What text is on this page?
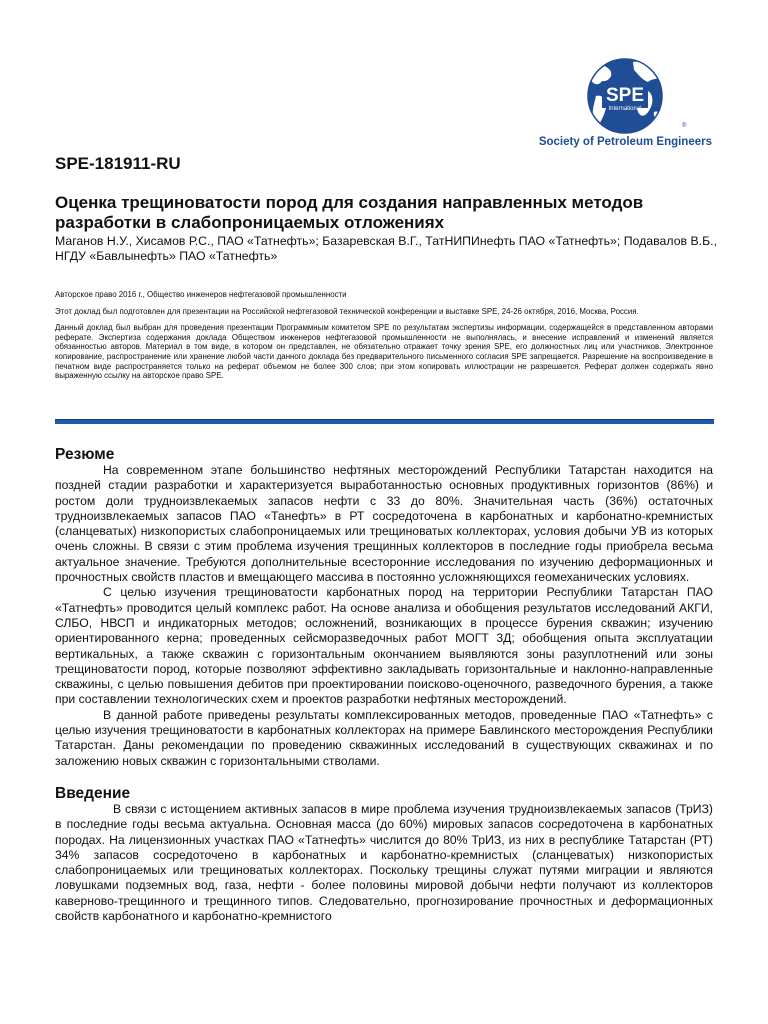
SPE
International
®
Society of Petroleum Engineers
SPE-181911-RU
Оценка трещиноватости пород для создания направленных методов разработки в слабопроницаемых отложениях

Маганов Н.У., Хисамов Р.С., ПАО «Татнефть»; Базаревская В.Г., ТатНИПИнефть ПАО «Татнефть»; Подавалов В.Б., НГДУ «Бавлынефть» ПАО «Татнефть»

Авторское право 2016 г., Общество инженеров нефтегазовой промышленности

Этот доклад был подготовлен для презентации на Российской нефтегазовой технической конференции и выставке SPE, 24-26 октября, 2016, Москва, Россия.

Данный доклад был выбран для проведения презентации Программным комитетом SPE по результатам экспертизы информации, содержащейся в представленном авторами реферате. Экспертиза содержания доклада Обществом инженеров нефтегазовой промышленности не выполнялась, и внесение исправлений и изменений является обязанностью авторов. Материал в том виде, в котором он представлен, не обязательно отражает точку зрения SPE, его должностных лиц или участников. Электронное копирование, распространение или хранение любой части данного доклада без предварительного письменного согласия SPE запрещается. Разрешение на воспроизведение в печатном виде распространяется только на реферат объемом не более 300 слов; при этом копировать иллюстрации не разрешается. Реферат должен содержать явно выраженную ссылку на авторское право SPE.

Резюме

На современном этапе большинство нефтяных месторождений Республики Татарстан находится на поздней стадии разработки и характеризуется выработанностью основных продуктивных горизонтов (86%) и ростом доли трудноизвлекаемых запасов нефти с 33 до 80%. Значительная часть (36%) остаточных трудноизвлекаемых запасов ПАО «Танефть» в РТ сосредоточена в карбонатных и карбонатно-кремнистых (сланцеватых) низкопористых слабопроницаемых или трещиноватых коллекторах, условия добычи УВ из которых очень сложны. В связи с этим проблема изучения трещинных коллекторов в последние годы приобрела весьма актуальное значение. Требуются дополнительные всесторонние исследования по изучению деформационных и прочностных свойств пластов и вмещающего массива в постоянно усложняющихся геомеханических условиях.

С целью изучения трещиноватости карбонатных пород на территории Республики Татарстан ПАО «Татнефть» проводится целый комплекс работ. На основе анализа и обобщения результатов исследований АКГИ, СЛБО, НВСП и индикаторных методов; осложнений, возникающих в процессе бурения скважин; изучению ориентированного керна; проведенных сейсморазведочных работ МОГТ 3Д; обобщения опыта эксплуатации вертикальных, а также скважин с горизонтальным окончанием выявляются зоны разуплотнений или зоны трещиноватости пород, которые позволяют эффективно закладывать горизонтальные и наклонно-направленные скважины, с целью повышения дебитов при проектировании поисково-оценочного, разведочного бурения, а также при составлении технологических схем и проектов разработки нефтяных месторождений.

В данной работе приведены результаты комплексированных методов, проведенные ПАО «Татнефть» с целью изучения трещиноватости в карбонатных коллекторах на примере Бавлинского месторождения Республики Татарстан. Даны рекомендации по проведению скважинных исследований в существующих скважинах и по заложению новых скважин с горизонтальными стволами.

Введение

В связи с истощением активных запасов в мире проблема изучения трудноизвлекаемых запасов (ТрИЗ) в последние годы весьма актуальна. Основная масса (до 60%) мировых запасов сосредоточена в карбонатных породах. На лицензионных участках ПАО «Татнефть» числится до 80% ТрИЗ, из них в республике Татарстан (РТ) 34% запасов сосредоточено в карбонатных и карбонатно-кремнистых (сланцеватых) низкопористых слабопроницаемых или трещиноватых коллекторах. Поскольку трещины служат путями миграции и являются ловушками подземных вод, газа, нефти - более половины мировой добычи нефти получают из коллекторов каверново-трещинного и трещинного типов. Следовательно, прогнозирование прочностных и деформационных свойств карбонатного и карбонатно-кремнистого
